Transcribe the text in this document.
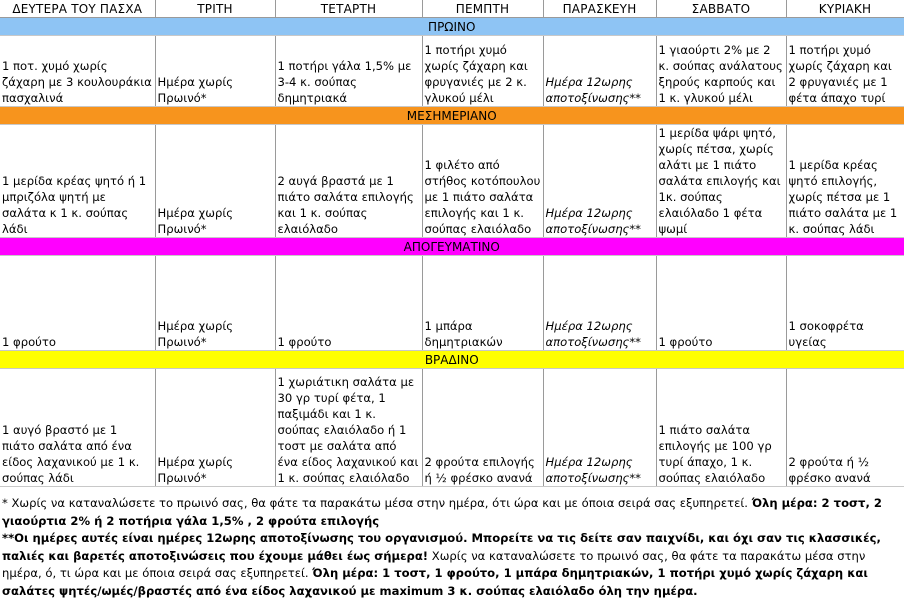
ΔΕΥΤΕΡΑ ΤΟΥ ΠΑΣΧΑ	ΤΡΙΤΗ	ΤΕΤΑΡΤΗ	ΠΕΜΠΤΗ	ΠΑΡΑΣΚΕΥΗ	ΣΑΒΒΑΤΟ	ΚΥΡΙΑΚΗ
ΠΡΩΙΝΟ						
1 ποτ. χυμό χωρίς ζάχαρη με 3 κουλουράκια πασχαλινά	Ημέρα χωρίς Πρωινό*	1 ποτήρι γάλα 1,5% με 3-4 κ. σούπας δημητριακά	1 ποτήρι χυμό χωρίς ζάχαρη και φρυγανιές με 2 κ. γλυκού μέλι	Ημέρα 12ωρης αποτοξίνωσης**	1 γιαούρτι 2% με 2 κ. σούπας ανάλατους ξηρούς καρπούς και 1 κ. γλυκού μέλι	1 ποτήρι χυμό χωρίς ζάχαρη και 2 φρυγανιές με 1 φέτα άπαχο τυρί
ΜΕΣΗΜΕΡΙΑΝΟ						
1 μερίδα κρέας ψητό ή 1 μπριζόλα ψητή με σαλάτα κ 1 κ. σούπας λάδι	Ημέρα χωρίς Πρωινό*	2 αυγά βραστά με 1 πιάτο σαλάτα επιλογής και 1 κ. σούπας ελαιόλαδο	1 φιλέτο από στήθος κοτόπουλου με 1 πιάτο σαλάτα επιλογής και 1 κ. σούπας ελαιόλαδο	Ημέρα 12ωρης αποτοξίνωσης**	1 μερίδα ψάρι ψητό, χωρίς πέτσα, χωρίς αλάτι με 1 πιάτο σαλάτα επιλογής και 1κ. σούπας ελαιόλαδο 1 φέτα ψωμί	1 μερίδα κρέας ψητό επιλογής, χωρίς πέτσα με 1 πιάτο σαλάτα με 1 κ. σούπας λάδι
ΑΠΟΓΕΥΜΑΤΙΝΟ						
1 φρούτο	Ημέρα χωρίς Πρωινό*	1 φρούτο	1 μπάρα δημητριακών	Ημέρα 12ωρης αποτοξίνωσης**	1 φρούτο	1 σοκοφρέτα υγείας
ΒΡΑΔΙΝΟ						
1 αυγό βραστό με 1 πιάτο σαλάτα από ένα είδος λαχανικού με 1 κ. σούπας λάδι	Ημέρα χωρίς Πρωινό*	1 χωριάτικη σαλάτα με 30 γρ τυρί φέτα, 1 παξιμάδι και 1 κ. σούπας ελαιόλαδο ή 1 τοστ με σαλάτα από ένα είδος λαχανικού και 1 κ. σούπας ελαιόλαδο	2 φρούτα επιλογής ή ½ φρέσκο ανανά	Ημέρα 12ωρης αποτοξίνωσης**	1 πιάτο σαλάτα επιλογής με 100 γρ τυρί άπαχο, 1 κ. σούπας ελαιόλαδο	2 φρούτα ή ½ φρέσκο ανανά

* Χωρίς να καταναλώσετε το πρωινό σας, θα φάτε τα παρακάτω μέσα στην ημέρα, ότι ώρα και με όποια σειρά σας εξυπηρετεί. Όλη μέρα: 2 τοστ, 2 γιαούρτια 2% ή 2 ποτήρια γάλα 1,5% , 2 φρούτα επιλογής

**Οι ημέρες αυτές είναι ημέρες 12ωρης αποτοξίνωσης του οργανισμού. Μπορείτε να τις δείτε σαν παιχνίδι, και όχι σαν τις κλασσικές, παλιές και βαρετές αποτοξινώσεις που έχουμε μάθει έως σήμερα! Χωρίς να καταναλώσετε το πρωινό σας, θα φάτε τα παρακάτω μέσα στην ημέρα, ό, τι ώρα και με όποια σειρά σας εξυπηρετεί. Όλη μέρα: 1 τοστ, 1 φρούτο, 1 μπάρα δημητριακών, 1 ποτήρι χυμό χωρίς ζάχαρη και σαλάτες ψητές/ωμές/βραστές από ένα είδος λαχανικού με maximum 3 κ. σούπας ελαιόλαδο όλη την ημέρα.
